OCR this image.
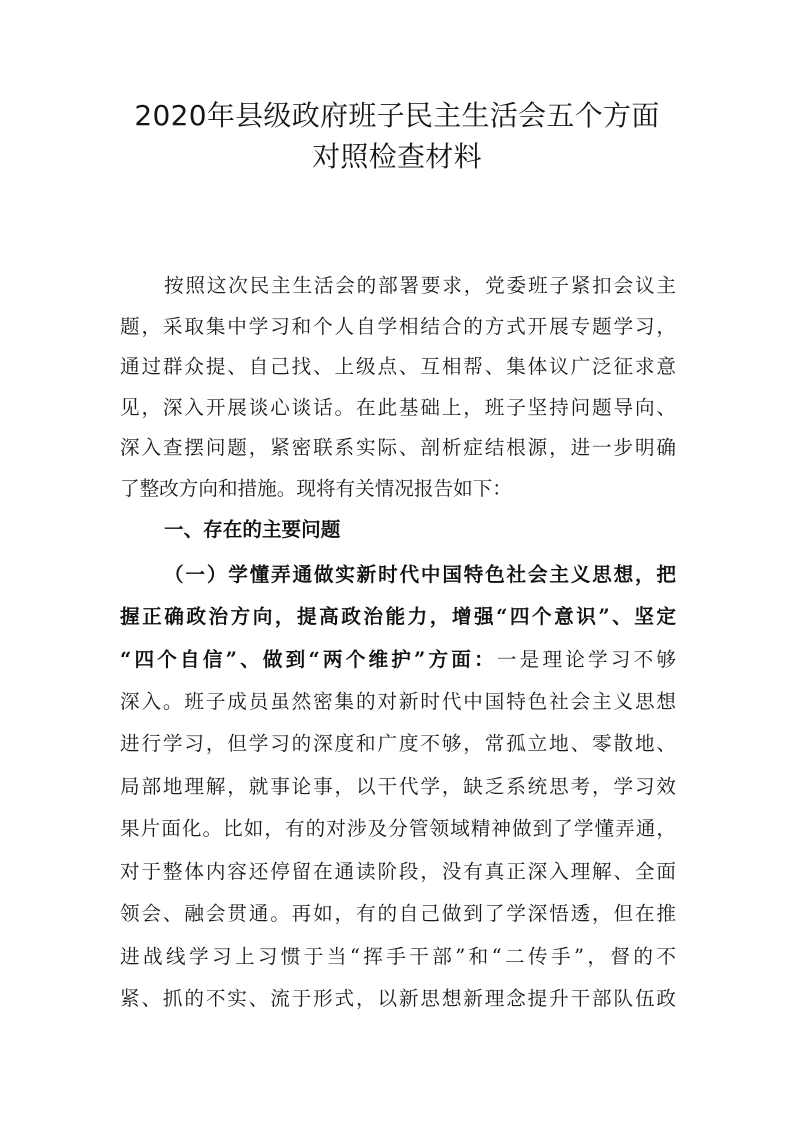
2020年县级政府班子民主生活会五个方面
对照检查材料
按照这次民主生活会的部署要求，党委班子紧扣会议主
题，采取集中学习和个人自学相结合的方式开展专题学习，
通过群众提、自己找、上级点、互相帮、集体议广泛征求意
见，深入开展谈心谈话。在此基础上，班子坚持问题导向、
深入查摆问题，紧密联系实际、剖析症结根源，进一步明确
了整改方向和措施。现将有关情况报告如下：
一、存在的主要问题
（一）学懂弄通做实新时代中国特色社会主义思想，把
握正确政治方向，提高政治能力，增强“四个意识”、坚定
“四个自信”、做到“两个维护”方面：一是理论学习不够
深入。班子成员虽然密集的对新时代中国特色社会主义思想
进行学习，但学习的深度和广度不够，常孤立地、零散地、
局部地理解，就事论事，以干代学，缺乏系统思考，学习效
果片面化。比如，有的对涉及分管领域精神做到了学懂弄通，
对于整体内容还停留在通读阶段，没有真正深入理解、全面
领会、融会贯通。再如，有的自己做到了学深悟透，但在推
进战线学习上习惯于当“挥手干部”和“二传手”，督的不
紧、抓的不实、流于形式，以新思想新理念提升干部队伍政
